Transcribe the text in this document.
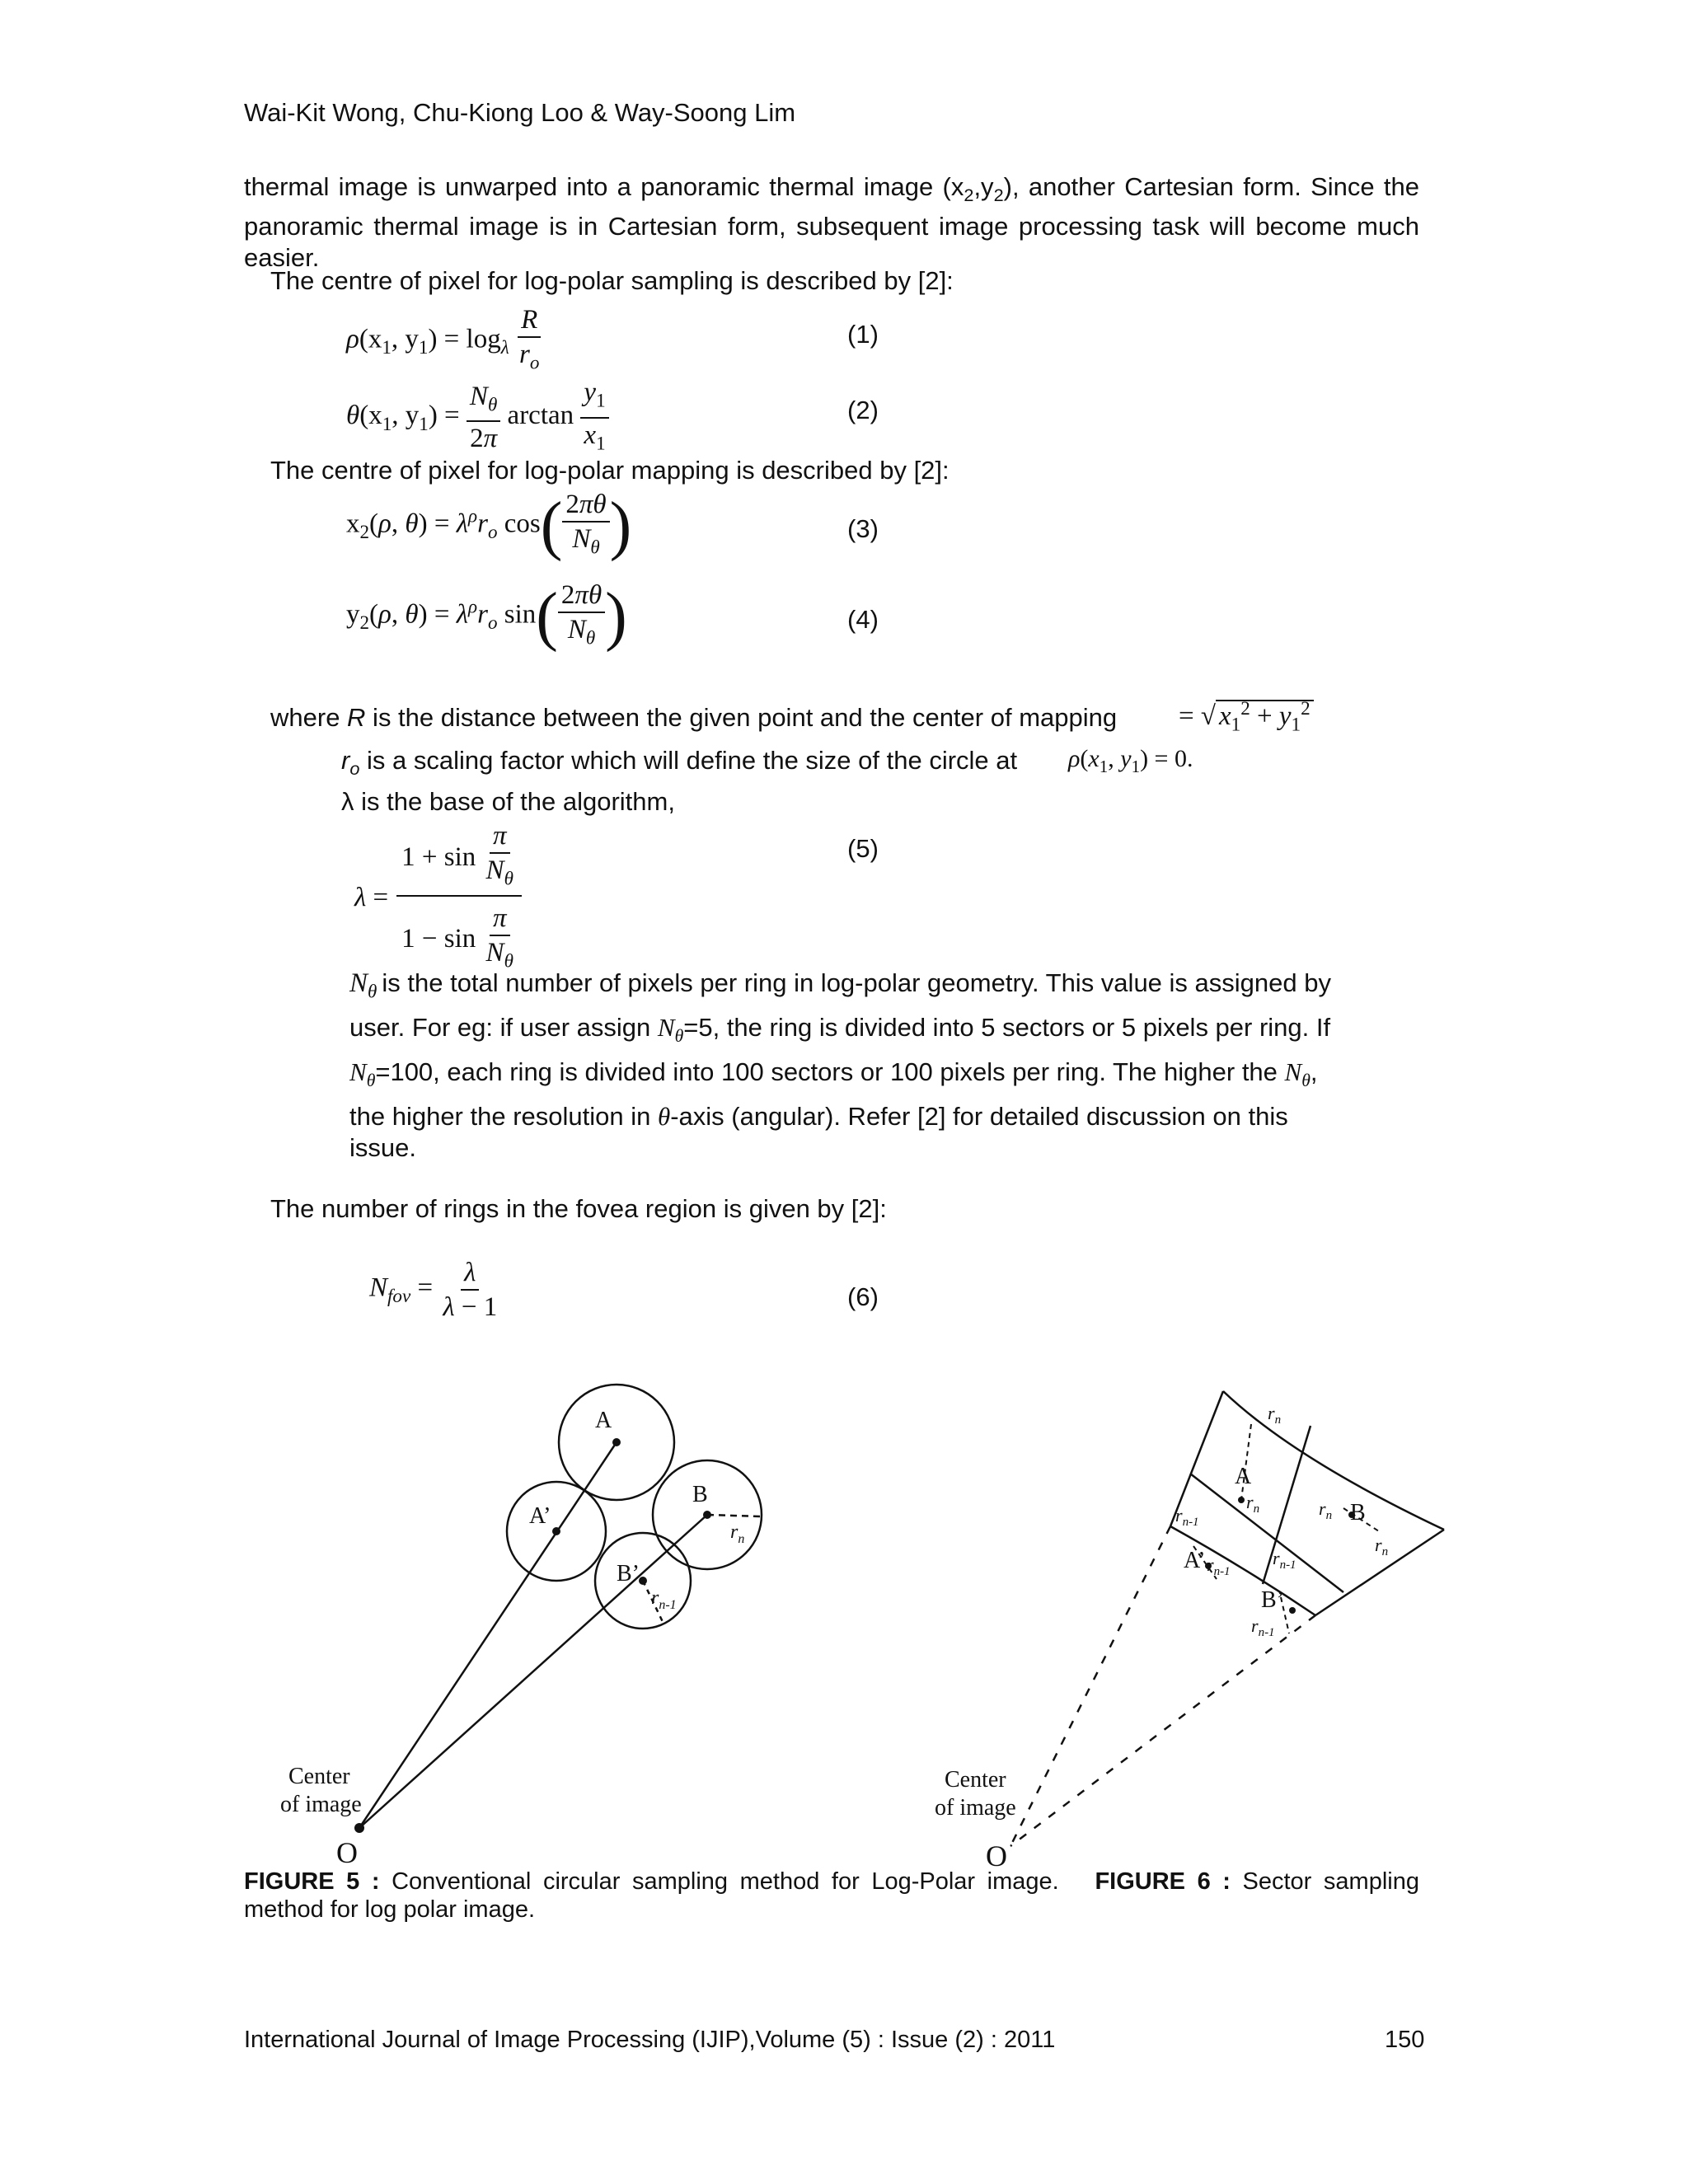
Wai-Kit Wong, Chu-Kiong Loo & Way-Soong Lim
thermal image is unwarped into a panoramic thermal image $(x_2,y_2)$, another Cartesian form. Since the panoramic thermal image is in Cartesian form, subsequent image processing task will become much easier.
The centre of pixel for log-polar sampling is described by [2]:
$\rho(x_1$, $y_1) = \log_\lambda \frac{R}{r_o}$	(1)
$\theta(x_1$, $y_1) = \frac{N_\theta}{2\pi}$ $\arctan \frac{y_1}{x_1}$	(2)
The centre of pixel for log-polar mapping is described by [2]:
$x_2(\rho$, $\theta) = \lambda^\rho r_o$ $\cos( \frac{2\pi\theta}{N_\theta}$ )	(3)
$y_2(\rho$, $\theta) = \lambda^\rho r_o$ $\sin( \frac{2\pi\theta}{N_\theta}$ )	(4)
where R is the distance between the given point and the center of mapping = √ $x_1^2 + y_1^2$
$r_o$ is a scaling factor which will define the size of the circle at $\rho(x_1$, $y_1) = 0$.
λ is the base of the algorithm,
$\lambda = \frac{1 + \sin \frac{\pi}{N_\theta}}{1 - \sin \frac{\pi}{N_\theta}}$	(5)
$N_\theta$ is the total number of pixels per ring in log-polar geometry. This value is assigned by
user. For eg: if user assign $N_\theta=5$, the ring is divided into 5 sectors or 5 pixels per ring. If
$N_\theta=100$, each ring is divided into 100 sectors or 100 pixels per ring. The higher the $N_\theta$,
the higher the resolution in θ-axis (angular). Refer [2] for detailed discussion on this
issue.
The number of rings in the fovea region is given by [2]:
$N_{fov} = \frac{\lambda}{\lambda - 1}$	(6)
A
A’
B
B’
$r_n$
$r_{n-1}$
Center
of image
O
A
A’
B
B’
$r_n$
$r_n$	$r_n$
$r_n$
$r_{n-1}$
$r_{n-1}$
$r_{n-1}$
$r_{n-1}$
Center
of image
O
FIGURE 5 : Conventional circular sampling method for Log-Polar image. FIGURE 6 : Sector sampling method for log polar image.
International Journal of Image Processing (IJIP),Volume (5) : Issue (2) : 2011	150
